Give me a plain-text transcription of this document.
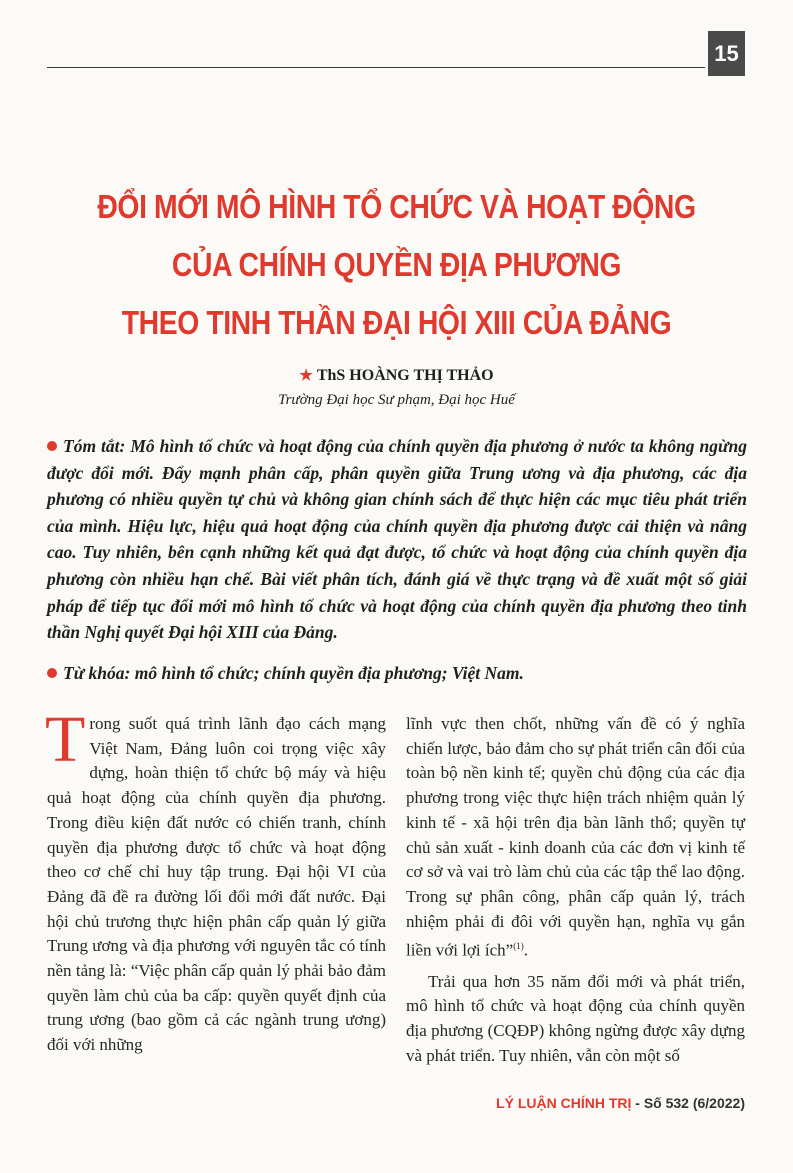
15
ĐỔI MỚI MÔ HÌNH TỔ CHỨC VÀ HOẠT ĐỘNG
CỦA CHÍNH QUYỀN ĐỊA PHƯƠNG
THEO TINH THẦN ĐẠI HỘI XIII CỦA ĐẢNG
★ ThS HOÀNG THỊ THẢO
Trường Đại học Sư phạm, Đại học Huế
Tóm tắt: Mô hình tổ chức và hoạt động của chính quyền địa phương ở nước ta không ngừng được đổi mới. Đẩy mạnh phân cấp, phân quyền giữa Trung ương và địa phương, các địa phương có nhiều quyền tự chủ và không gian chính sách để thực hiện các mục tiêu phát triển của mình. Hiệu lực, hiệu quả hoạt động của chính quyền địa phương được cải thiện và nâng cao. Tuy nhiên, bên cạnh những kết quả đạt được, tổ chức và hoạt động của chính quyền địa phương còn nhiều hạn chế. Bài viết phân tích, đánh giá về thực trạng và đề xuất một số giải pháp để tiếp tục đổi mới mô hình tổ chức và hoạt động của chính quyền địa phương theo tinh thần Nghị quyết Đại hội XIII của Đảng.
Từ khóa: mô hình tổ chức; chính quyền địa phương; Việt Nam.

Trong suốt quá trình lãnh đạo cách mạng Việt Nam, Đảng luôn coi trọng việc xây dựng, hoàn thiện tổ chức bộ máy và hiệu quả hoạt động của chính quyền địa phương. Trong điều kiện đất nước có chiến tranh, chính quyền địa phương được tổ chức và hoạt động theo cơ chế chỉ huy tập trung. Đại hội VI của Đảng đã đề ra đường lối đổi mới đất nước. Đại hội chủ trương thực hiện phân cấp quản lý giữa Trung ương và địa phương với nguyên tắc có tính nền tảng là: “Việc phân cấp quản lý phải bảo đảm quyền làm chủ của ba cấp: quyền quyết định của trung ương (bao gồm cả các ngành trung ương) đối với những

lĩnh vực then chốt, những vấn đề có ý nghĩa chiến lược, bảo đảm cho sự phát triển cân đối của toàn bộ nền kinh tế; quyền chủ động của các địa phương trong việc thực hiện trách nhiệm quản lý kinh tế - xã hội trên địa bàn lãnh thổ; quyền tự chủ sản xuất - kinh doanh của các đơn vị kinh tế cơ sở và vai trò làm chủ của các tập thể lao động. Trong sự phân công, phân cấp quản lý, trách nhiệm phải đi đôi với quyền hạn, nghĩa vụ gắn liền với lợi ích”$^{(1)}$.

Trải qua hơn 35 năm đổi mới và phát triển, mô hình tổ chức và hoạt động của chính quyền địa phương (CQĐP) không ngừng được xây dựng và phát triển. Tuy nhiên, vẫn còn một số

LÝ LUẬN CHÍNH TRỊ - Số 532 (6/2022)
